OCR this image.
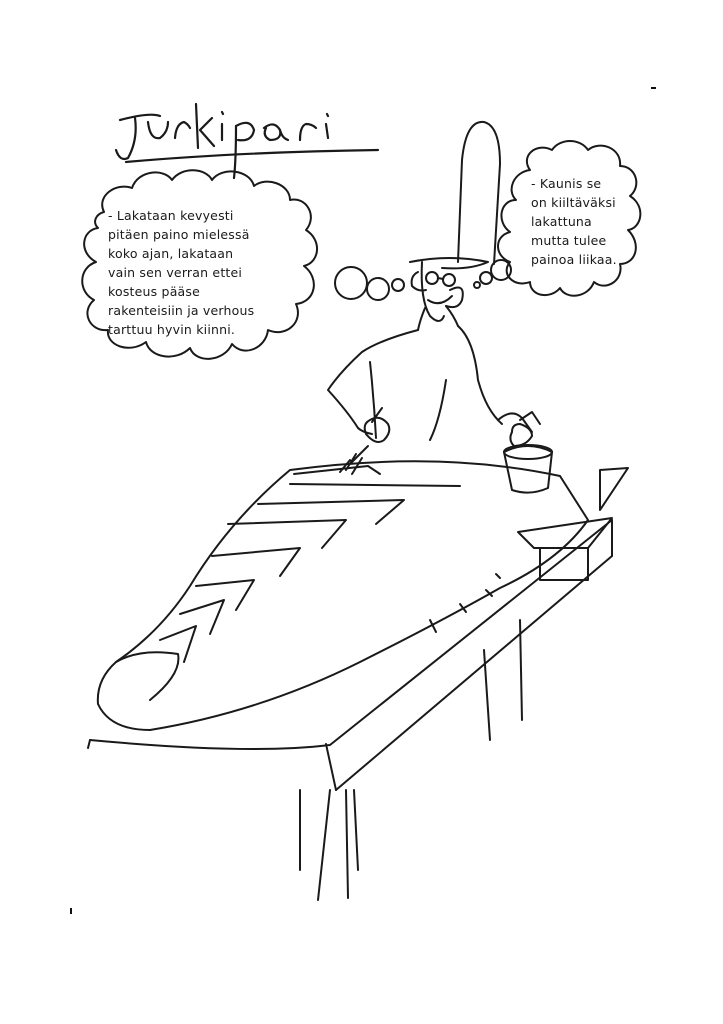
- Lakataan kevyesti
pitäen paino mielessä
koko ajan, lakataan
vain sen verran ettei
kosteus pääse
rakenteisiin ja verhous
tarttuu hyvin kiinni.
- Kaunis se
on kiiltäväksi
lakattuna
mutta tulee
painoa liikaa.
